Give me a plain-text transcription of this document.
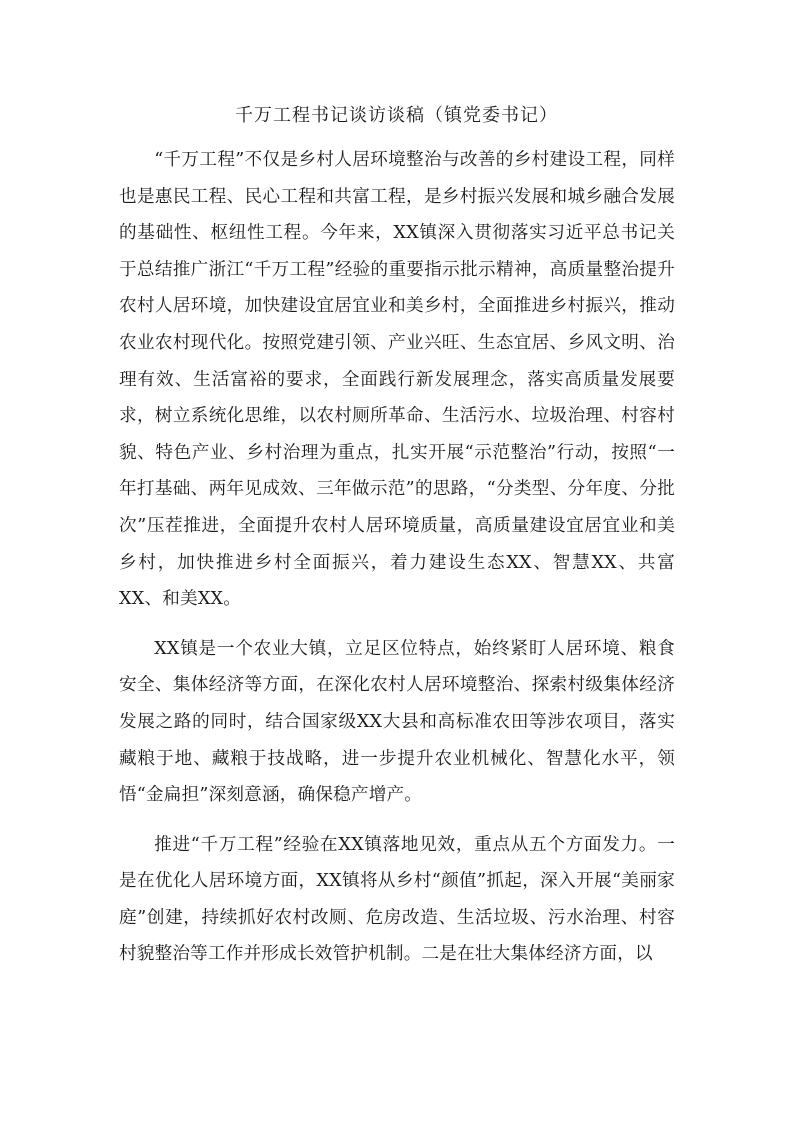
千万工程书记谈访谈稿（镇党委书记）

“千万工程”不仅是乡村人居环境整治与改善的乡村建设工程，同样也是惠民工程、民心工程和共富工程，是乡村振兴发展和城乡融合发展的基础性、枢纽性工程。今年来，XX镇深入贯彻落实习近平总书记关于总结推广浙江“千万工程”经验的重要指示批示精神，高质量整治提升农村人居环境，加快建设宜居宜业和美乡村，全面推进乡村振兴，推动农业农村现代化。按照党建引领、产业兴旺、生态宜居、乡风文明、治理有效、生活富裕的要求，全面践行新发展理念，落实高质量发展要求，树立系统化思维，以农村厕所革命、生活污水、垃圾治理、村容村貌、特色产业、乡村治理为重点，扎实开展“示范整治”行动，按照“一年打基础、两年见成效、三年做示范”的思路，“分类型、分年度、分批次”压茬推进，全面提升农村人居环境质量，高质量建设宜居宜业和美乡村，加快推进乡村全面振兴，着力建设生态XX、智慧XX、共富XX、和美XX。

XX镇是一个农业大镇，立足区位特点，始终紧盯人居环境、粮食安全、集体经济等方面，在深化农村人居环境整治、探索村级集体经济发展之路的同时，结合国家级XX大县和高标准农田等涉农项目，落实藏粮于地、藏粮于技战略，进一步提升农业机械化、智慧化水平，领悟“金扁担”深刻意涵，确保稳产增产。

推进“千万工程”经验在XX镇落地见效，重点从五个方面发力。一是在优化人居环境方面，XX镇将从乡村“颜值”抓起，深入开展“美丽家庭”创建，持续抓好农村改厕、危房改造、生活垃圾、污水治理、村容村貌整治等工作并形成长效管护机制。二是在壮大集体经济方面，以
